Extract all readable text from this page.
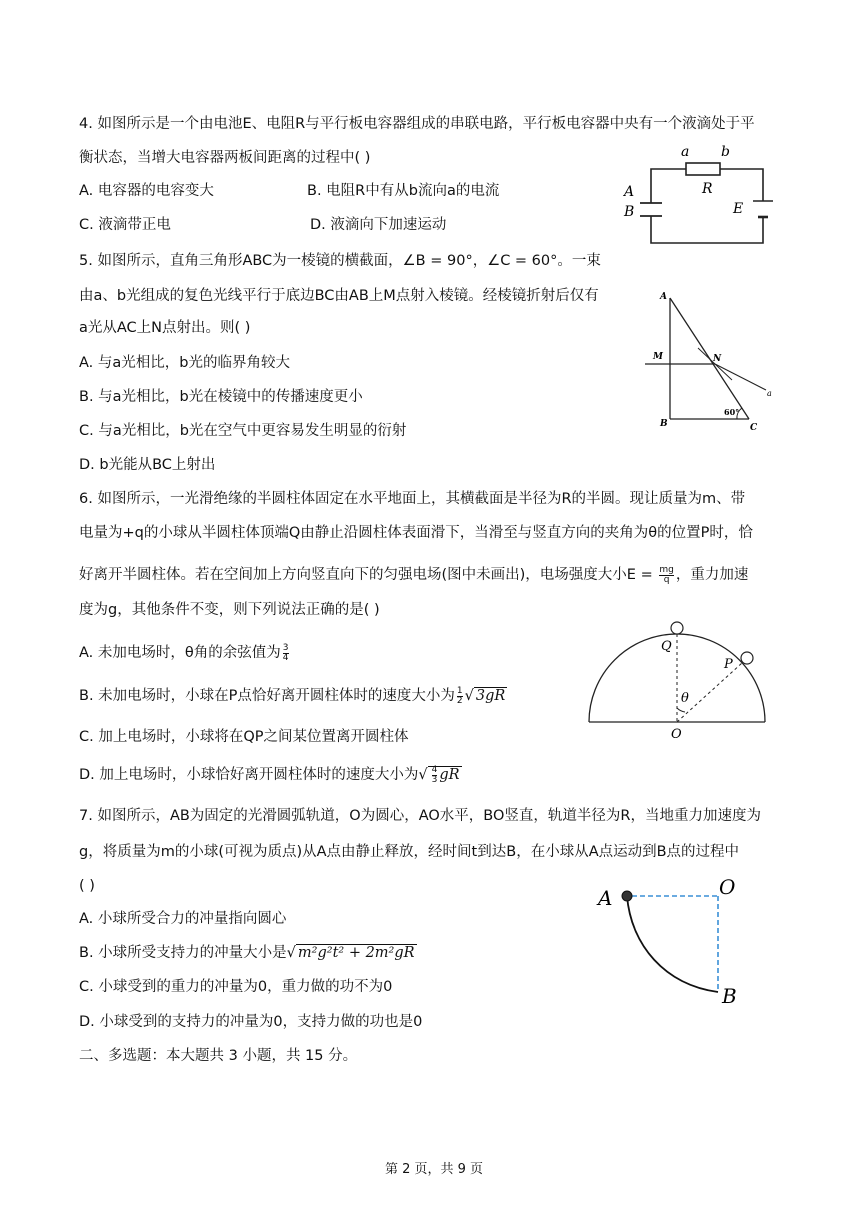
4. 如图所示是一个由电池E、电阻R与平行板电容器组成的串联电路，平行板电容器中央有一个液滴处于平
衡状态，当增大电容器两板间距离的过程中( )
A. 电容器的电容变大	B. 电阻R中有从b流向a的电流
C. 液滴带正电	D. 液滴向下加速运动
a b
R
A
B	E
5. 如图所示，直角三角形ABC为一棱镜的横截面，∠B = 90°，∠C = 60°。一束
由a、b光组成的复色光线平行于底边BC由AB上M点射入棱镜。经棱镜折射后仅有
a光从AC上N点射出。则( )
A. 与a光相比，b光的临界角较大
B. 与a光相比，b光在棱镜中的传播速度更小
C. 与a光相比，b光在空气中更容易发生明显的衍射
D. b光能从BC上射出
A
M	N
a
B	C
60°
6. 如图所示，一光滑绝缘的半圆柱体固定在水平地面上，其横截面是半径为R的半圆。现让质量为m、带
电量为+q的小球从半圆柱体顶端Q由静止沿圆柱体表面滑下，当滑至与竖直方向的夹角为θ的位置P时，恰
好离开半圆柱体。若在空间加上方向竖直向下的匀强电场(图中未画出)，电场强度大小$E = \frac{mg}{q}$ ，重力加速
度为g，其他条件不变，则下列说法正确的是( )
A. 未加电场时，θ角的余弦值为 $\frac{3}{4}$
B. 未加电场时，小球在P点恰好离开圆柱体时的速度大小为 $\frac{1}{2}$ √ 3gR
C. 加上电场时，小球将在QP之间某位置离开圆柱体
D. 加上电场时，小球恰好离开圆柱体时的速度大小为√ $\frac{4}{3}$ gR
Q
P
θ
O
7. 如图所示，AB为固定的光滑圆弧轨道，O为圆心，AO水平，BO竖直，轨道半径为R，当地重力加速度为
g，将质量为m的小球(可视为质点)从A点由静止释放，经时间t到达B，在小球从A点运动到B点的过程中
( )
A. 小球所受合力的冲量指向圆心
B. 小球所受支持力的冲量大小是√ m²g²t² + 2m²gR
C. 小球受到的重力的冲量为0，重力做的功不为0
D. 小球受到的支持力的冲量为0，支持力做的功也是0
A	O
B
二、多选题：本大题共 3 小题，共 15 分。
第 2 页，共 9 页
